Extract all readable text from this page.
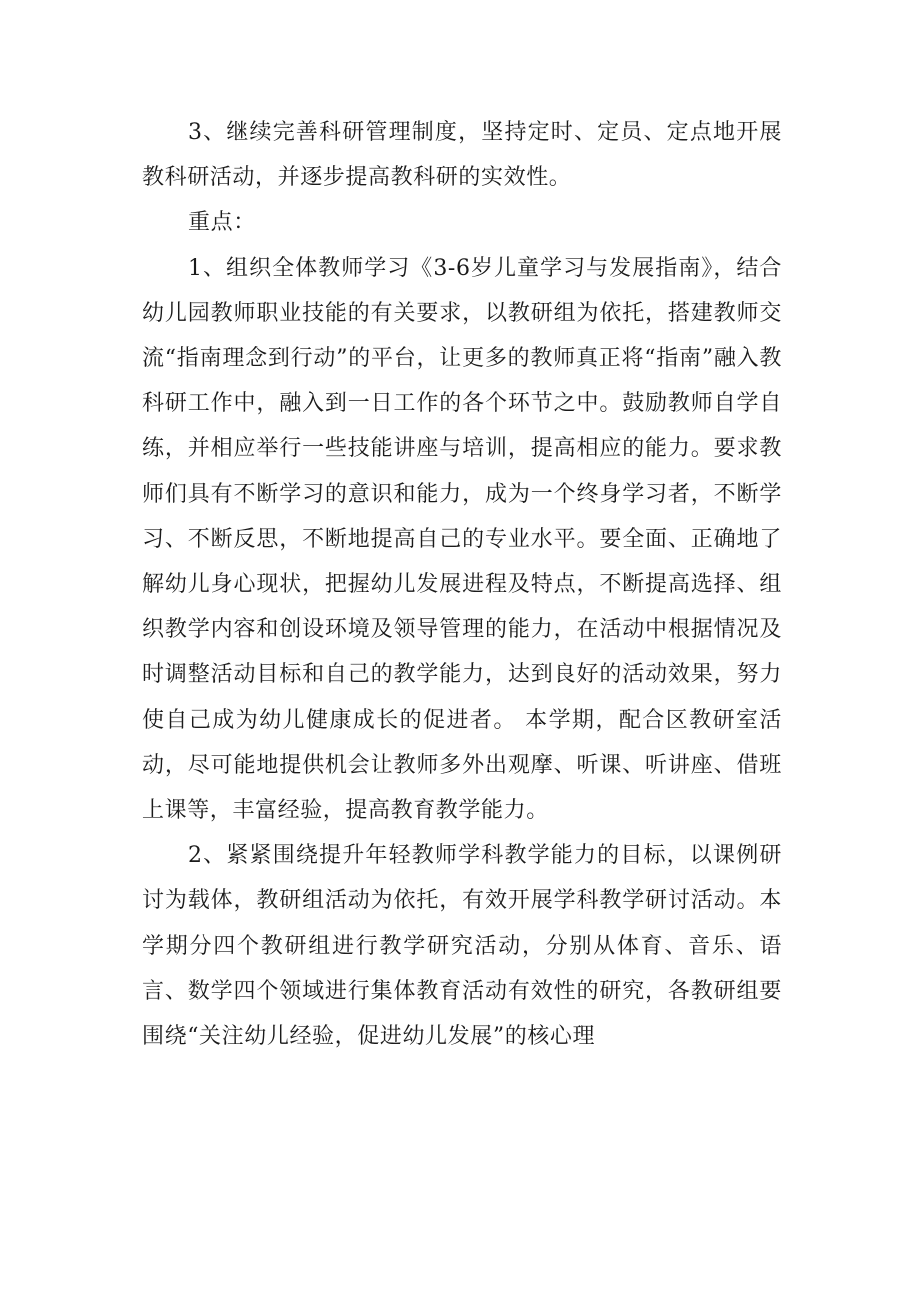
3、继续完善科研管理制度，坚持定时、定员、定点地开展教科研活动，并逐步提高教科研的实效性。

重点：

1、组织全体教师学习《3-6岁儿童学习与发展指南》，结合幼儿园教师职业技能的有关要求，以教研组为依托，搭建教师交流“指南理念到行动”的平台，让更多的教师真正将“指南”融入教科研工作中，融入到一日工作的各个环节之中。鼓励教师自学自练，并相应举行一些技能讲座与培训，提高相应的能力。要求教师们具有不断学习的意识和能力，成为一个终身学习者，不断学习、不断反思，不断地提高自己的专业水平。要全面、正确地了解幼儿身心现状，把握幼儿发展进程及特点，不断提高选择、组织教学内容和创设环境及领导管理的能力，在活动中根据情况及时调整活动目标和自己的教学能力，达到良好的活动效果，努力使自己成为幼儿健康成长的促进者。 本学期，配合区教研室活动，尽可能地提供机会让教师多外出观摩、听课、听讲座、借班上课等，丰富经验，提高教育教学能力。

2、紧紧围绕提升年轻教师学科教学能力的目标，以课例研讨为载体，教研组活动为依托，有效开展学科教学研讨活动。本学期分四个教研组进行教学研究活动，分别从体育、音乐、语言、数学四个领域进行集体教育活动有效性的研究，各教研组要围绕“关注幼儿经验，促进幼儿发展”的核心理
